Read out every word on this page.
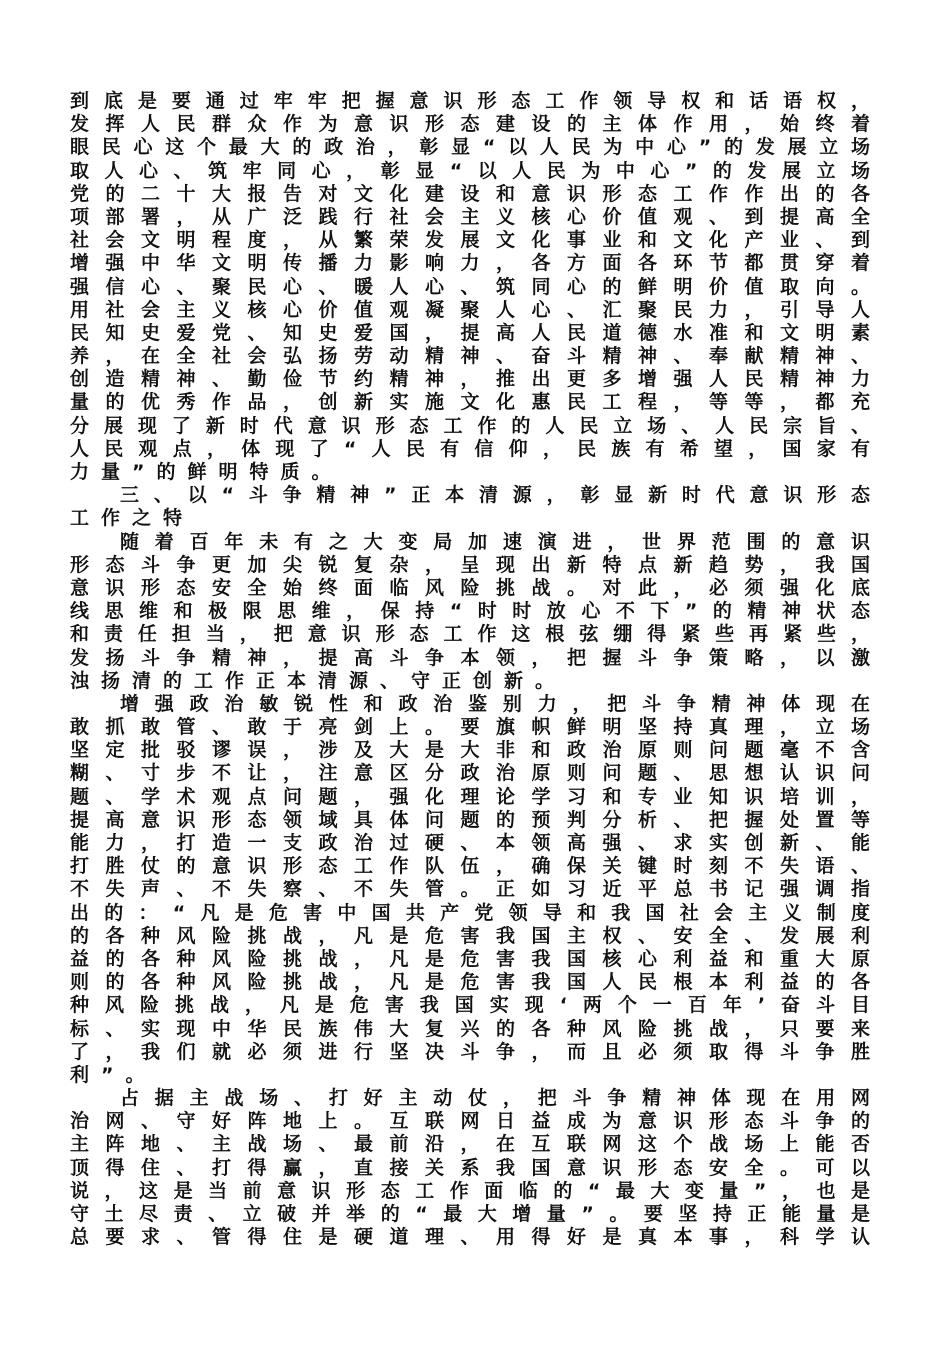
到底是要通过牢牢把握意识形态工作领导权和话语权，
发挥人民群众作为意识形态建设的主体作用，始终着
眼民心这个最大的政治，彰显“以人民为中心”的发展立场
取人心、筑牢同心，彰显“以人民为中心”的发展立场
党的二十大报告对文化建设和意识形态工作作出的各
项部署，从广泛践行社会主义核心价值观、到提高全
社会文明程度，从繁荣发展文化事业和文化产业、到
增强中华文明传播力影响力，各方面各环节都贯穿着
强信心、聚民心、暖人心、筑同心的鲜明价值取向。
用社会主义核心价值观凝聚人心、汇聚民力，引导人
民知史爱党、知史爱国，提高人民道德水准和文明素
养，在全社会弘扬劳动精神、奋斗精神、奉献精神、
创造精神、勤俭节约精神，推出更多增强人民精神力
量的优秀作品，创新实施文化惠民工程，等等，都充
分展现了新时代意识形态工作的人民立场、人民宗旨、
人民观点，体现了“人民有信仰，民族有希望，国家有
力量”的鲜明特质。
三、以“斗争精神”正本清源，彰显新时代意识形态
工作之特
随着百年未有之大变局加速演进，世界范围的意识
形态斗争更加尖锐复杂，呈现出新特点新趋势，我国
意识形态安全始终面临风险挑战。对此，必须强化底
线思维和极限思维，保持“时时放心不下”的精神状态
和责任担当，把意识形态工作这根弦绷得紧些再紧些，
发扬斗争精神，提高斗争本领，把握斗争策略，以激
浊扬清的工作正本清源、守正创新。
增强政治敏锐性和政治鉴别力，把斗争精神体现在
敢抓敢管、敢于亮剑上。要旗帜鲜明坚持真理，立场
坚定批驳谬误，涉及大是大非和政治原则问题毫不含
糊、寸步不让，注意区分政治原则问题、思想认识问
题、学术观点问题，强化理论学习和专业知识培训，
提高意识形态领域具体问题的预判分析、把握处置等
能力，打造一支政治过硬、本领高强、求实创新、能
打胜仗的意识形态工作队伍，确保关键时刻不失语、
不失声、不失察、不失管。正如习近平总书记强调指
出的：“凡是危害中国共产党领导和我国社会主义制度
的各种风险挑战，凡是危害我国主权、安全、发展利
益的各种风险挑战，凡是危害我国核心利益和重大原
则的各种风险挑战，凡是危害我国人民根本利益的各
种风险挑战，凡是危害我国实现‘两个一百年’奋斗目
标、实现中华民族伟大复兴的各种风险挑战，只要来
了，我们就必须进行坚决斗争，而且必须取得斗争胜
利”。
占据主战场、打好主动仗，把斗争精神体现在用网
治网、守好阵地上。互联网日益成为意识形态斗争的
主阵地、主战场、最前沿，在互联网这个战场上能否
顶得住、打得赢，直接关系我国意识形态安全。可以
说，这是当前意识形态工作面临的“最大变量”，也是
守土尽责、立破并举的“最大增量”。要坚持正能量是
总要求、管得住是硬道理、用得好是真本事，科学认
